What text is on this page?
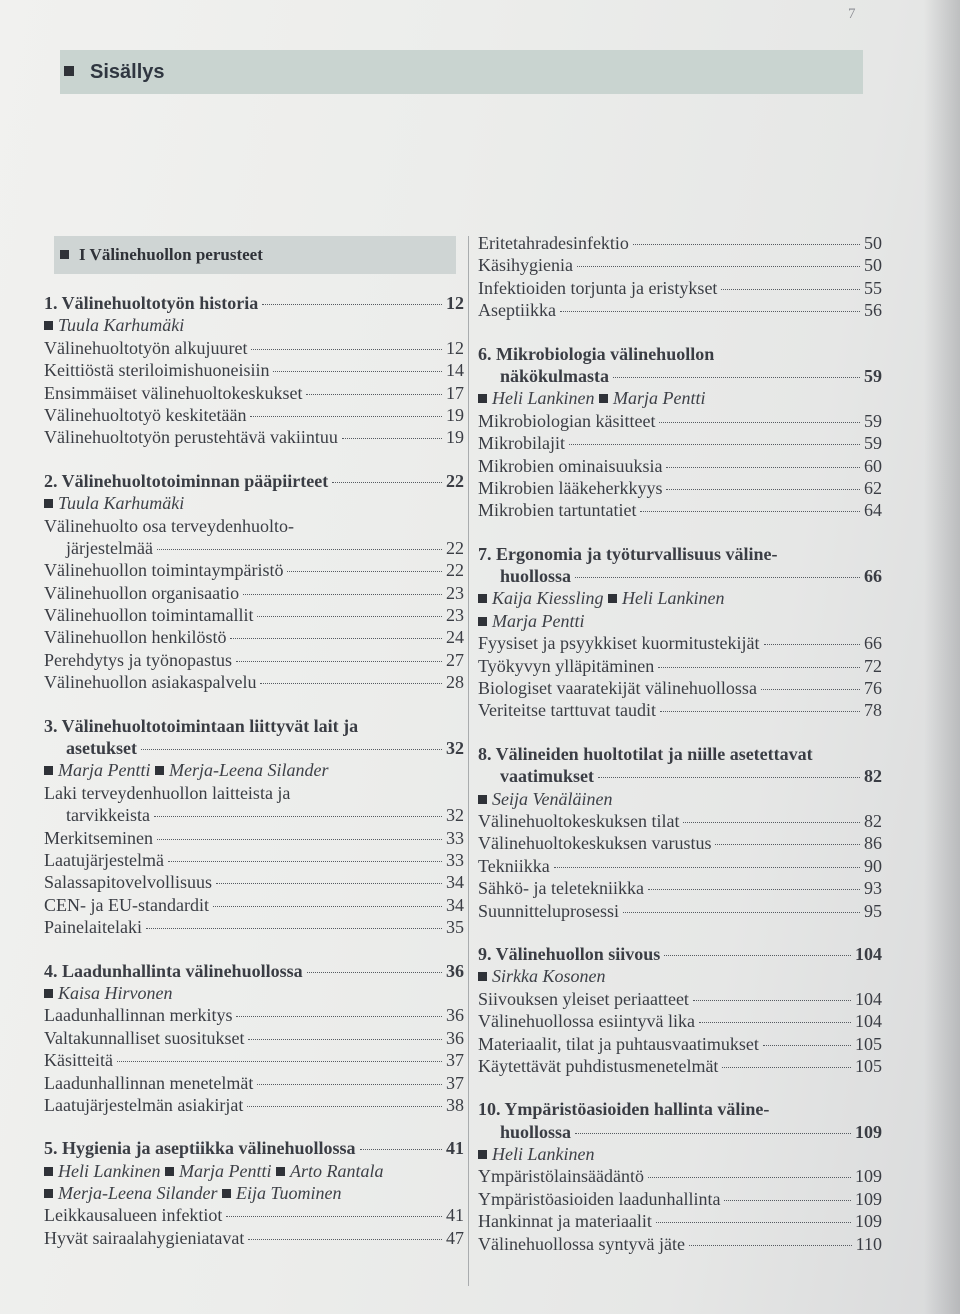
7
Sisällys
I Välinehuollon perusteet
1. Välinehuoltotyön historia	12
Tuula Karhumäki
Välinehuoltotyön alkujuuret	12
Keittiöstä steriloimishuoneisiin	14
Ensimmäiset välinehuoltokeskukset	17
Välinehuoltotyö keskitetään	19
Välinehuoltotyön perustehtävä vakiintuu	19
2. Välinehuoltotoiminnan pääpiirteet	22
Tuula Karhumäki
Välinehuolto osa terveydenhuolto-
järjestelmää	22
Välinehuollon toimintaympäristö	22
Välinehuollon organisaatio	23
Välinehuollon toimintamallit	23
Välinehuollon henkilöstö	24
Perehdytys ja työnopastus	27
Välinehuollon asiakaspalvelu	28
3. Välinehuoltotoimintaan liittyvät lait ja
asetukset	32
Marja Pentti
Merja-Leena Silander
Laki terveydenhuollon laitteista ja
tarvikkeista	32
Merkitseminen	33
Laatujärjestelmä	33
Salassapitovelvollisuus	34
CEN- ja EU-standardit	34
Painelaitelaki	35
4. Laadunhallinta välinehuollossa	36
Kaisa Hirvonen
Laadunhallinnan merkitys	36
Valtakunnalliset suositukset	36
Käsitteitä	37
Laadunhallinnan menetelmät	37
Laatujärjestelmän asiakirjat	38
5. Hygienia ja aseptiikka välinehuollossa	41
Heli Lankinen
Marja Pentti
Arto Rantala
Merja-Leena Silander
Eija Tuominen
Leikkausalueen infektiot	41
Hyvät sairaalahygieniatavat	47
Eritetahradesinfektio	50
Käsihygienia	50
Infektioiden torjunta ja eristykset	55
Aseptiikka	56
6. Mikrobiologia välinehuollon
näkökulmasta	59
Heli Lankinen
Marja Pentti
Mikrobiologian käsitteet	59
Mikrobilajit	59
Mikrobien ominaisuuksia	60
Mikrobien lääkeherkkyys	62
Mikrobien tartuntatiet	64
7. Ergonomia ja työturvallisuus väline-
huollossa	66
Kaija Kiessling
Heli Lankinen
Marja Pentti
Fyysiset ja psyykkiset kuormitustekijät	66
Työkyvyn ylläpitäminen	72
Biologiset vaaratekijät välinehuollossa	76
Veriteitse tarttuvat taudit	78
8. Välineiden huoltotilat ja niille asetettavat
vaatimukset	82
Seija Venäläinen
Välinehuoltokeskuksen tilat	82
Välinehuoltokeskuksen varustus	86
Tekniikka	90
Sähkö- ja teletekniikka	93
Suunnitteluprosessi	95
9. Välinehuollon siivous	104
Sirkka Kosonen
Siivouksen yleiset periaatteet	104
Välinehuollossa esiintyvä lika	104
Materiaalit, tilat ja puhtausvaatimukset	105
Käytettävät puhdistusmenetelmät	105
10. Ympäristöasioiden hallinta väline-
huollossa	109
Heli Lankinen
Ympäristölainsäädäntö	109
Ympäristöasioiden laadunhallinta	109
Hankinnat ja materiaalit	109
Välinehuollossa syntyvä jäte	110
